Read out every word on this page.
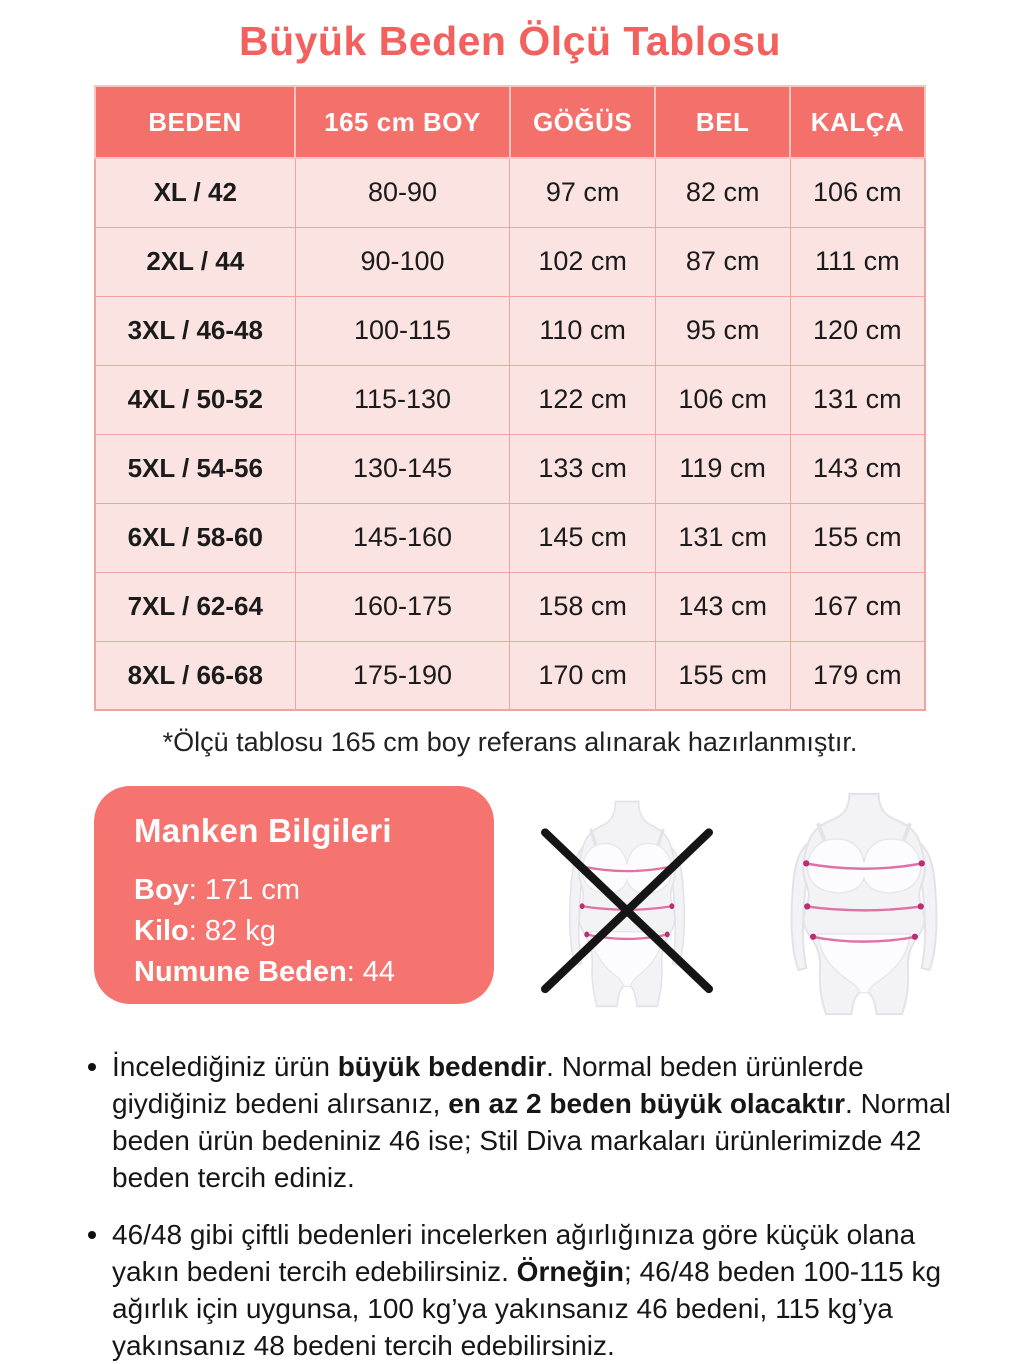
Büyük Beden Ölçü Tablosu
BEDEN	165 cm BOY	GÖĞÜS	BEL	KALÇA
XL / 42	80-90	97 cm	82 cm	106 cm
2XL / 44	90-100	102 cm	87 cm	111 cm
3XL / 46-48	100-115	110 cm	95 cm	120 cm
4XL / 50-52	115-130	122 cm	106 cm	131 cm
5XL / 54-56	130-145	133 cm	119 cm	143 cm
6XL / 58-60	145-160	145 cm	131 cm	155 cm
7XL / 62-64	160-175	158 cm	143 cm	167 cm
8XL / 66-68	175-190	170 cm	155 cm	179 cm

*Ölçü tablosu 165 cm boy referans alınarak hazırlanmıştır.

Manken Bilgileri
Boy: 171 cm
Kilo: 82 kg
Numune Beden: 44
İncelediğiniz ürün büyük bedendir. Normal beden ürünlerde giydiğiniz bedeni alırsanız, en az 2 beden büyük olacaktır. Normal beden ürün bedeniniz 46 ise; Stil Diva markaları ürünlerimizde 42 beden tercih ediniz.
46/48 gibi çiftli bedenleri incelerken ağırlığınıza göre küçük olana yakın bedeni tercih edebilirsiniz. Örneğin; 46/48 beden 100-115 kg ağırlık için uygunsa, 100 kg’ya yakınsanız 46 bedeni, 115 kg’ya yakınsanız 48 bedeni tercih edebilirsiniz.
